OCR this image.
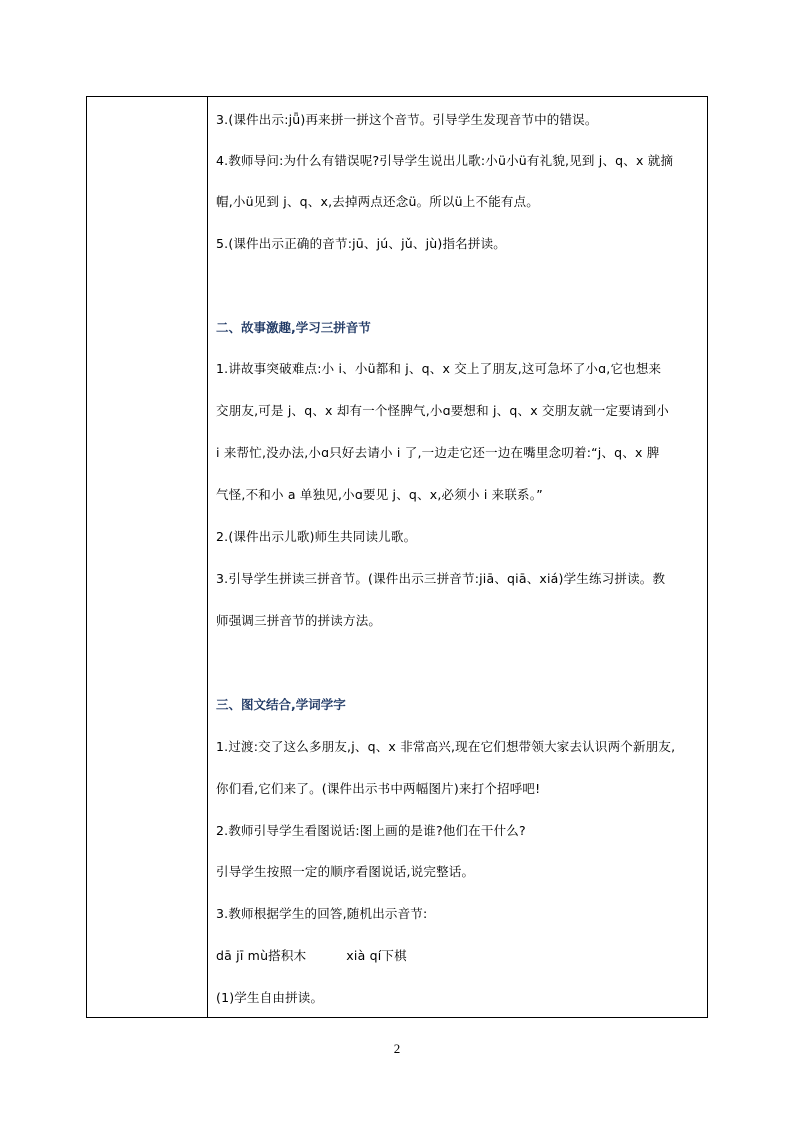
3.(课件出示:jǖ)再来拼一拼这个音节。引导学生发现音节中的错误。
4.教师导问:为什么有错误呢?引导学生说出儿歌:小ü小ü有礼貌,见到 j、q、x 就摘
帽,小ü见到 j、q、x,去掉两点还念ü。所以ü上不能有点。
5.(课件出示正确的音节:jū、jú、jǔ、jù)指名拼读。
二、故事激趣,学习三拼音节
1.讲故事突破难点:小 i、小ü都和 j、q、x 交上了朋友,这可急坏了小ɑ,它也想来
交朋友,可是 j、q、x 却有一个怪脾气,小ɑ要想和 j、q、x 交朋友就一定要请到小
i 来帮忙,没办法,小ɑ只好去请小 i 了,一边走它还一边在嘴里念叨着:“j、q、x 脾
气怪,不和小 a 单独见,小ɑ要见 j、q、x,必须小 i 来联系。”
2.(课件出示儿歌)师生共同读儿歌。
3.引导学生拼读三拼音节。(课件出示三拼音节:jiā、qiā、xiá)学生练习拼读。教
师强调三拼音节的拼读方法。
三、图文结合,学词学字
1.过渡:交了这么多朋友,j、q、x 非常高兴,现在它们想带领大家去认识两个新朋友,
你们看,它们来了。(课件出示书中两幅图片)来打个招呼吧!
2.教师引导学生看图说话:图上画的是谁?他们在干什么?
引导学生按照一定的顺序看图说话,说完整话。
3.教师根据学生的回答,随机出示音节:
dā jī mù搭积木	xià qí下棋
(1)学生自由拼读。
2
